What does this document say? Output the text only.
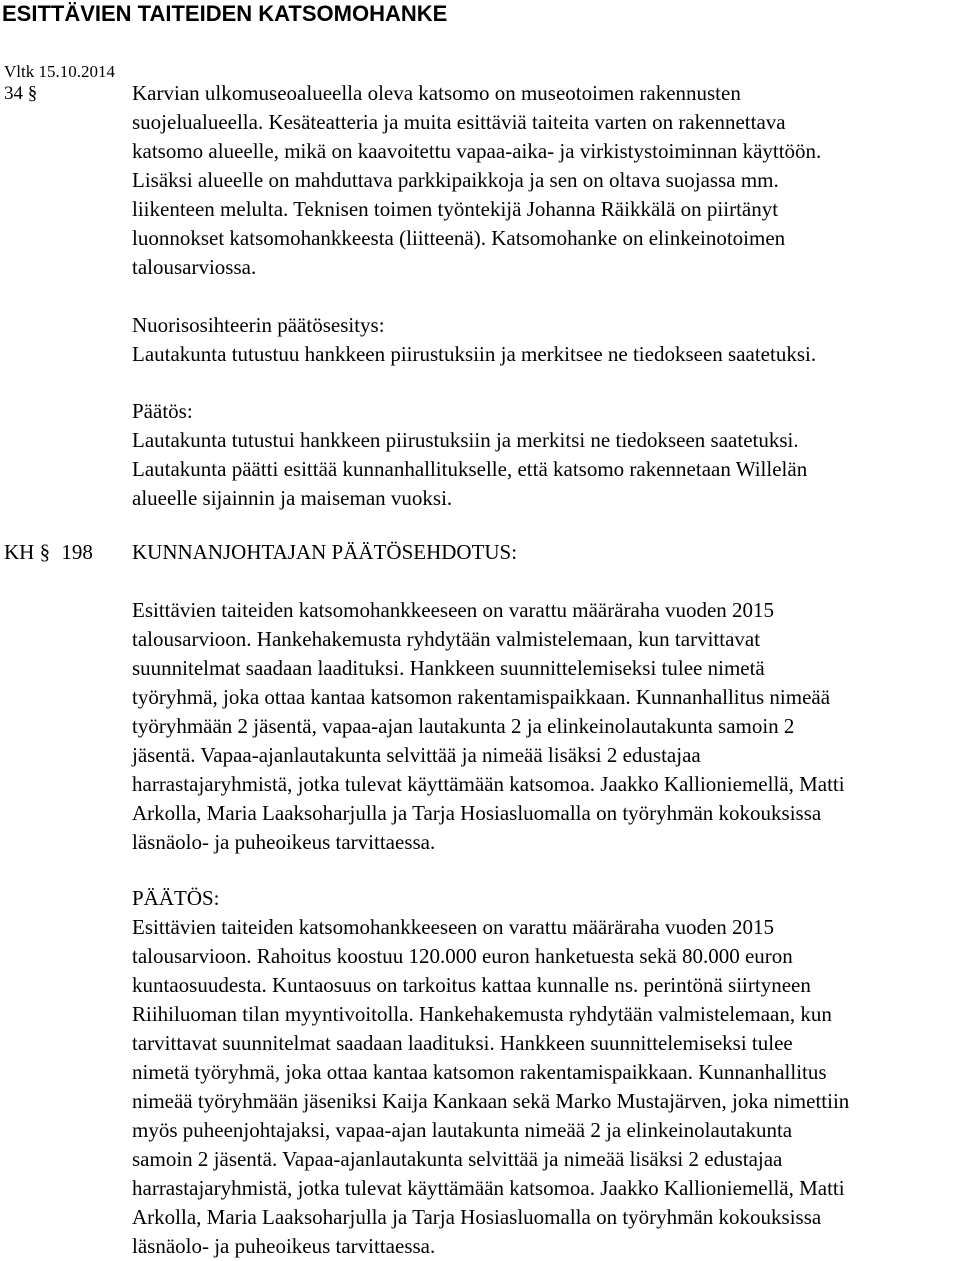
ESITTÄVIEN TAITEIDEN KATSOMOHANKE
Vltk 15.10.2014
34 §	Karvian ulkomuseoalueella oleva katsomo on museotoimen rakennusten
suojelualueella. Kesäteatteria ja muita esittäviä taiteita varten on rakennettava
katsomo alueelle, mikä on kaavoitettu vapaa-aika- ja virkistystoiminnan käyttöön.
Lisäksi alueelle on mahduttava parkkipaikkoja ja sen on oltava suojassa mm.
liikenteen melulta. Teknisen toimen työntekijä Johanna Räikkälä on piirtänyt
luonnokset katsomohankkeesta (liitteenä). Katsomohanke on elinkeinotoimen
talousarviossa.
Nuorisosihteerin päätösesitys:
Lautakunta tutustuu hankkeen piirustuksiin ja merkitsee ne tiedokseen saatetuksi.
Päätös:
Lautakunta tutustui hankkeen piirustuksiin ja merkitsi ne tiedokseen saatetuksi.
Lautakunta päätti esittää kunnanhallitukselle, että katsomo rakennetaan Willelän
alueelle sijainnin ja maiseman vuoksi.
KH § 198 KUNNANJOHTAJAN PÄÄTÖSEHDOTUS:
Esittävien taiteiden katsomohankkeeseen on varattu määräraha vuoden 2015
talousarvioon. Hankehakemusta ryhdytään valmistelemaan, kun tarvittavat
suunnitelmat saadaan laadituksi. Hankkeen suunnittelemiseksi tulee nimetä
työryhmä, joka ottaa kantaa katsomon rakentamispaikkaan. Kunnanhallitus nimeää
työryhmään 2 jäsentä, vapaa-ajan lautakunta 2 ja elinkeinolautakunta samoin 2
jäsentä. Vapaa-ajanlautakunta selvittää ja nimeää lisäksi 2 edustajaa
harrastajaryhmistä, jotka tulevat käyttämään katsomoa. Jaakko Kallioniemellä, Matti
Arkolla, Maria Laaksoharjulla ja Tarja Hosiasluomalla on työryhmän kokouksissa
läsnäolo- ja puheoikeus tarvittaessa.
PÄÄTÖS:
Esittävien taiteiden katsomohankkeeseen on varattu määräraha vuoden 2015
talousarvioon. Rahoitus koostuu 120.000 euron hanketuesta sekä 80.000 euron
kuntaosuudesta. Kuntaosuus on tarkoitus kattaa kunnalle ns. perintönä siirtyneen
Riihiluoman tilan myyntivoitolla. Hankehakemusta ryhdytään valmistelemaan, kun
tarvittavat suunnitelmat saadaan laadituksi. Hankkeen suunnittelemiseksi tulee
nimetä työryhmä, joka ottaa kantaa katsomon rakentamispaikkaan. Kunnanhallitus
nimeää työryhmään jäseniksi Kaija Kankaan sekä Marko Mustajärven, joka nimettiin
myös puheenjohtajaksi, vapaa-ajan lautakunta nimeää 2 ja elinkeinolautakunta
samoin 2 jäsentä. Vapaa-ajanlautakunta selvittää ja nimeää lisäksi 2 edustajaa
harrastajaryhmistä, jotka tulevat käyttämään katsomoa. Jaakko Kallioniemellä, Matti
Arkolla, Maria Laaksoharjulla ja Tarja Hosiasluomalla on työryhmän kokouksissa
läsnäolo- ja puheoikeus tarvittaessa.
